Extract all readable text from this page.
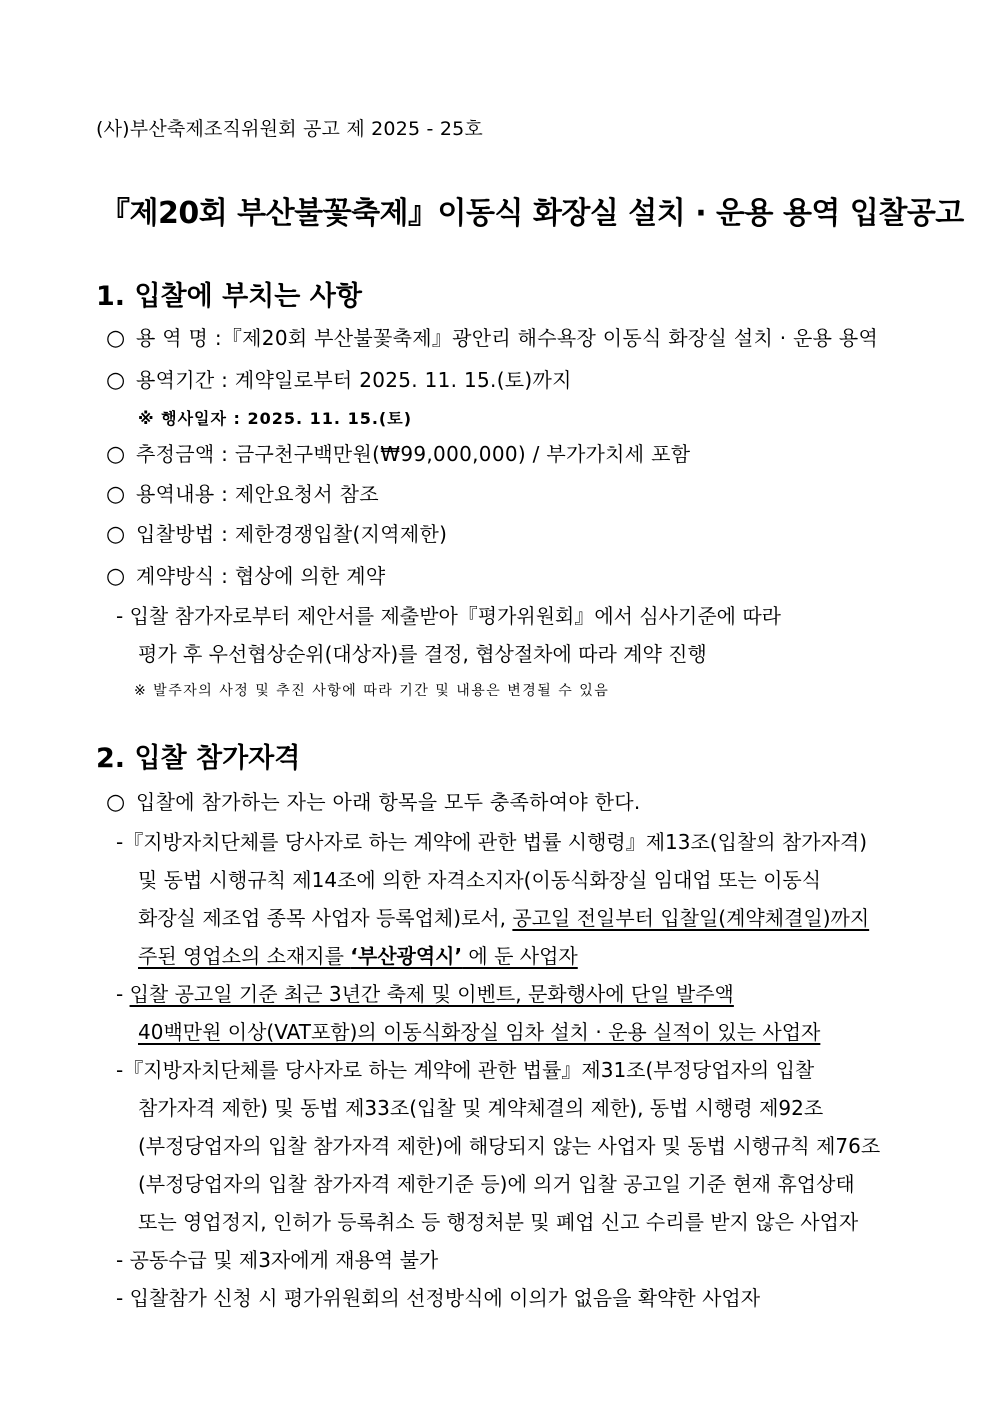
(사)부산축제조직위원회 공고 제 2025 - 25호
『제20회 부산불꽃축제』이동식 화장실 설치 · 운용 용역 입찰공고
1. 입찰에 부치는 사항
○ 용 역 명 :『제20회 부산불꽃축제』광안리 해수욕장 이동식 화장실 설치 · 운용 용역
○ 용역기간 : 계약일로부터 2025. 11. 15.(토)까지
※ 행사일자 : 2025. 11. 15.(토)
○ 추정금액 : 금구천구백만원(₩99,000,000) / 부가가치세 포함
○ 용역내용 : 제안요청서 참조
○ 입찰방법 : 제한경쟁입찰(지역제한)
○ 계약방식 : 협상에 의한 계약
- 입찰 참가자로부터 제안서를 제출받아『평가위원회』에서 심사기준에 따라
평가 후 우선협상순위(대상자)를 결정, 협상절차에 따라 계약 진행
※ 발주자의 사정 및 추진 사항에 따라 기간 및 내용은 변경될 수 있음
2. 입찰 참가자격
○ 입찰에 참가하는 자는 아래 항목을 모두 충족하여야 한다.
-『지방자치단체를 당사자로 하는 계약에 관한 법률 시행령』제13조(입찰의 참가자격)
및 동법 시행규칙 제14조에 의한 자격소지자(이동식화장실 임대업 또는 이동식
화장실 제조업 종목 사업자 등록업체)로서, 공고일 전일부터 입찰일(계약체결일)까지
주된 영업소의 소재지를 ‘부산광역시’ 에 둔 사업자
- 입찰 공고일 기준 최근 3년간 축제 및 이벤트, 문화행사에 단일 발주액
40백만원 이상(VAT포함)의 이동식화장실 임차 설치 · 운용 실적이 있는 사업자
-『지방자치단체를 당사자로 하는 계약에 관한 법률』제31조(부정당업자의 입찰
참가자격 제한) 및 동법 제33조(입찰 및 계약체결의 제한), 동법 시행령 제92조
(부정당업자의 입찰 참가자격 제한)에 해당되지 않는 사업자 및 동법 시행규칙 제76조
(부정당업자의 입찰 참가자격 제한기준 등)에 의거 입찰 공고일 기준 현재 휴업상태
또는 영업정지, 인허가 등록취소 등 행정처분 및 폐업 신고 수리를 받지 않은 사업자
- 공동수급 및 제3자에게 재용역 불가
- 입찰참가 신청 시 평가위원회의 선정방식에 이의가 없음을 확약한 사업자
